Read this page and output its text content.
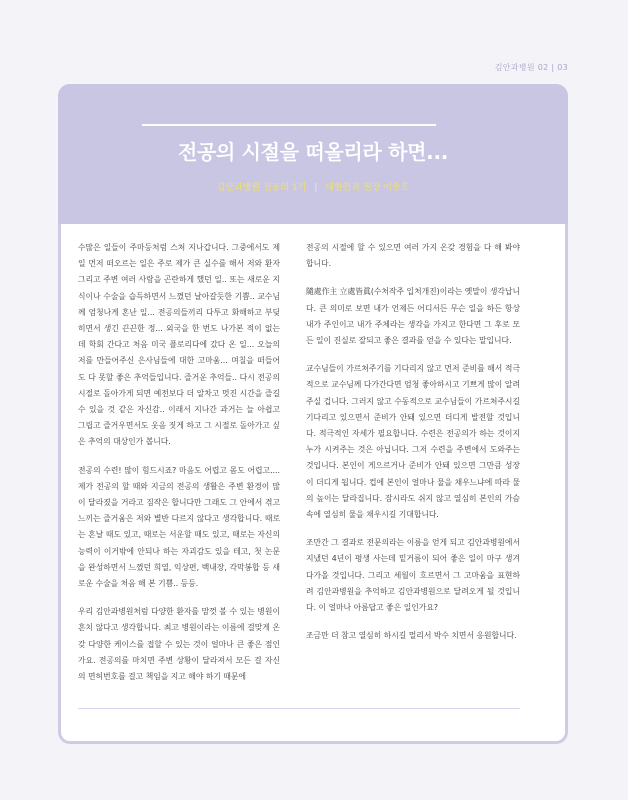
김안과병원 02 | 03
전공의 시절을 떠올리라 하면...
김안과병원 전공의 1기 | 대한안과 원장 이송호

수많은 일들이 주마등처럼 스쳐 지나갑니다. 그중에서도 제일 먼저 떠오르는 일은 주로 제가 큰 실수를 해서 저와 환자 그리고 주변 여러 사람을 곤란하게 했던 일.. 또는 새로운 지식이나 수술을 습득하면서 느꼈던 날아갈듯한 기쁨.. 교수님께 엄청나게 혼난 일... 전공의들끼리 다투고 화해하고 부딪히면서 생긴 끈끈한 정... 외국을 한 번도 나가본 적이 없는데 학회 간다고 처음 미국 플로리다에 갔다 온 일... 오늘의 저를 만들어주신 은사님들에 대한 고마움... 며칠을 떠들어도 다 못할 좋은 추억들입니다. 즐거운 추억들.. 다시 전공의 시절로 돌아가게 되면 예전보다 더 알차고 멋진 시간을 즐길 수 있을 것 같은 자신감.. 이래서 지나간 과거는 늘 아쉽고 그립고 즐거우면서도 웃음 짓게 하고 그 시절로 돌아가고 싶은 추억의 대상인가 봅니다.

전공의 수련! 많이 힘드시죠? 마음도 어렵고 몸도 어렵고.... 제가 전공의 할 때와 지금의 전공의 생활은 주변 환경이 많이 달라졌을 거라고 짐작은 합니다만 그래도 그 안에서 겪고 느끼는 즐거움은 저와 별반 다르지 않다고 생각합니다. 때로는 혼날 때도 있고, 때로는 서운할 때도 있고, 때로는 자신의 능력이 이거밖에 안되나 하는 자괴감도 있을 테고, 첫 논문을 완성하면서 느꼈던 희열, 익상편, 백내장, 각막봉합 등 새로운 수술을 처음 해 본 기쁨.. 등등.

우리 김안과병원처럼 다양한 환자를 맘껏 볼 수 있는 병원이 흔치 않다고 생각합니다. 최고 병원이라는 이름에 걸맞게 온갖 다양한 케이스를 접할 수 있는 것이 얼마나 큰 좋은 점인가요. 전공의를 마치면 주변 상황이 달라져서 모든 걸 자신의 면허번호를 걸고 책임을 지고 해야 하기 때문에

전공의 시절에 할 수 있으면 여러 가지 온갖 경험을 다 해 봐야 합니다.

隨處作主 立處皆眞(수처작주 입처개진)이라는 옛말이 생각납니다. 큰 의미로 보면 내가 언제든 어디서든 무슨 일을 하든 항상 내가 주인이고 내가 주체라는 생각을 가지고 한다면 그 후로 모든 일이 진실로 잘되고 좋은 결과를 얻을 수 있다는 말입니다.

교수님들이 가르쳐주기를 기다리지 않고 먼저 준비를 해서 적극적으로 교수님께 다가간다면 엄청 좋아하시고 기쁘게 많이 알려주실 겁니다. 그러지 않고 수동적으로 교수님들이 가르쳐주시길 기다리고 있으면서 준비가 안돼 있으면 더디게 발전할 것입니다. 적극적인 자세가 필요합니다. 수련은 전공의가 하는 것이지 누가 시켜주는 것은 아닙니다. 그저 수련을 주변에서 도와주는 것입니다. 본인이 게으르거나 준비가 안돼 있으면 그만큼 성장이 더디게 됩니다. 컵에 본인이 얼마나 물을 채우느냐에 따라 물의 높이는 달라집니다. 잠시라도 쉬지 않고 열심히 본인의 가슴속에 열심히 물을 채우시길 기대합니다.

조만간 그 결과로 전문의라는 이름을 얻게 되고 김안과병원에서 지냈던 4년이 평생 사는데 밑거름이 되어 좋은 일이 마구 생겨 다가올 것입니다. 그리고 세월이 흐르면서 그 고마움을 표현하려 김안과병원을 추억하고 김안과병원으로 달려오게 될 것입니다. 이 얼마나 아름답고 좋은 일인가요?

조금만 더 참고 열심히 하시길 멀리서 박수 치면서 응원합니다.
